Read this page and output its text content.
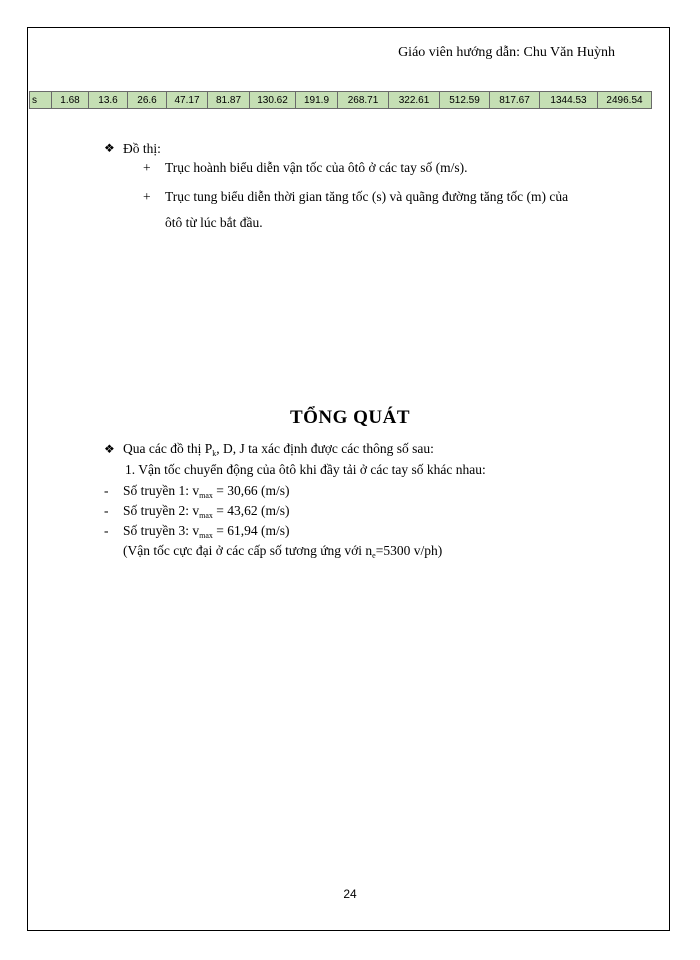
Giáo viên hướng dẫn: Chu Văn Huỳnh
s	1.68	13.6	26.6	47.17	81.87	130.62	191.9	268.71	322.61	512.59	817.67	1344.53	2496.54
❖ Đồ thị:
+ Trục hoành biểu diễn vận tốc của ôtô ở các tay số (m/s).
+ Trục tung biểu diễn thời gian tăng tốc (s) và quãng đường tăng tốc (m) của
ôtô từ lúc bắt đầu.
TỔNG QUÁT
❖ Qua các đồ thị $P_k$, D, J ta xác định được các thông số sau:
1. Vận tốc chuyển động của ôtô khi đầy tải ở các tay số khác nhau:
- Số truyền 1: $v_{max} = 30,66$ (m/s)
- Số truyền 2: $v_{max} = 43,62$ (m/s)
- Số truyền 3: $v_{max} = 61,94$ (m/s)
(Vận tốc cực đại ở các cấp số tương ứng với $n_e=5300$ v/ph)
24
